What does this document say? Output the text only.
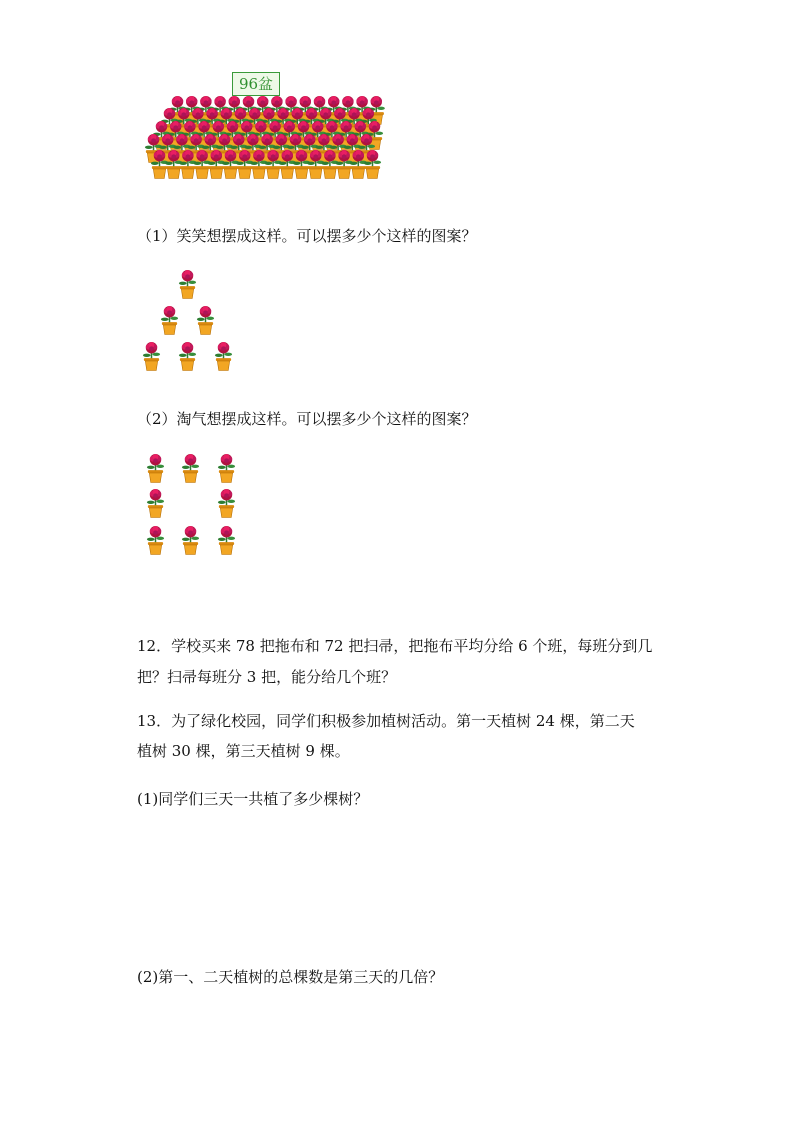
96盆
（1）笑笑想摆成这样。可以摆多少个这样的图案？
（2）淘气想摆成这样。可以摆多少个这样的图案？
12．学校买来 78 把拖布和 72 把扫帚，把拖布平均分给 6 个班，每班分到几
把？扫帚每班分 3 把，能分给几个班？
13．为了绿化校园，同学们积极参加植树活动。第一天植树 24 棵，第二天
植树 30 棵，第三天植树 9 棵。
(1)同学们三天一共植了多少棵树？
(2)第一、二天植树的总棵数是第三天的几倍？
